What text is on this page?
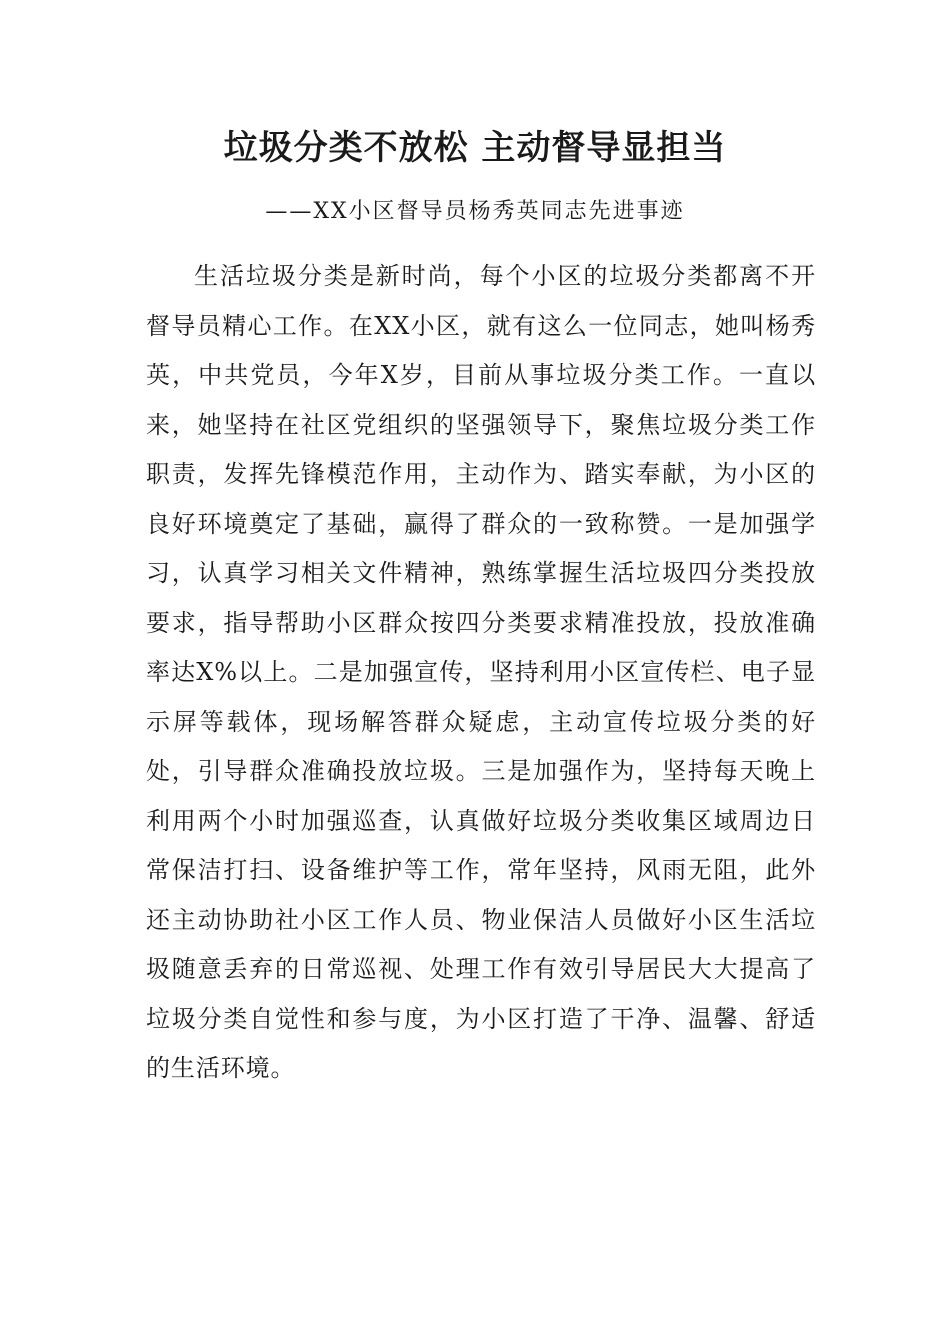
垃圾分类不放松 主动督导显担当
——XX小区督导员杨秀英同志先进事迹

生活垃圾分类是新时尚，每个小区的垃圾分类都离不开督导员精心工作。在XX小区，就有这么一位同志，她叫杨秀英，中共党员，今年X岁，目前从事垃圾分类工作。一直以来，她坚持在社区党组织的坚强领导下，聚焦垃圾分类工作职责，发挥先锋模范作用，主动作为、踏实奉献，为小区的良好环境奠定了基础，赢得了群众的一致称赞。一是加强学习，认真学习相关文件精神，熟练掌握生活垃圾四分类投放要求，指导帮助小区群众按四分类要求精准投放，投放准确率达X%以上。二是加强宣传，坚持利用小区宣传栏、电子显示屏等载体，现场解答群众疑虑，主动宣传垃圾分类的好处，引导群众准确投放垃圾。三是加强作为，坚持每天晚上利用两个小时加强巡查，认真做好垃圾分类收集区域周边日常保洁打扫、设备维护等工作，常年坚持，风雨无阻，此外还主动协助社小区工作人员、物业保洁人员做好小区生活垃圾随意丢弃的日常巡视、处理工作有效引导居民大大提高了垃圾分类自觉性和参与度，为小区打造了干净、温馨、舒适的生活环境。
